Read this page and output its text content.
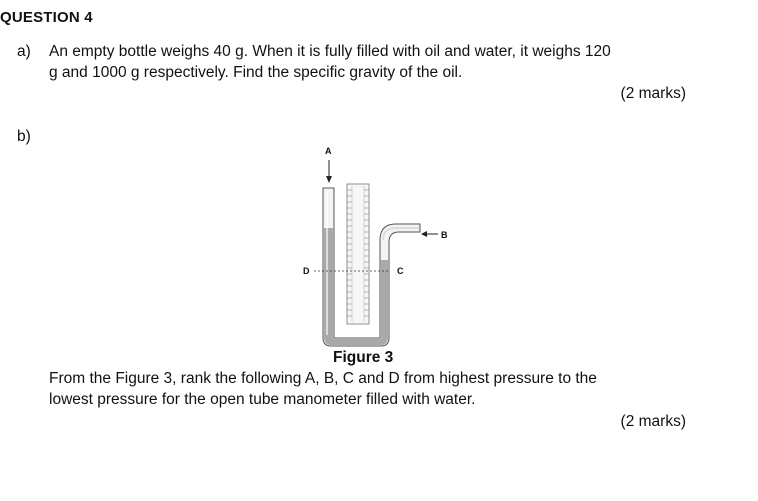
QUESTION 4
a) An empty bottle weighs 40 g. When it is fully filled with oil and water, it weighs 120
g and 1000 g respectively. Find the specific gravity of the oil.
(2 marks)
b)
A
B
C
D
Figure 3
From the Figure 3, rank the following A, B, C and D from highest pressure to the
lowest pressure for the open tube manometer filled with water.
(2 marks)
